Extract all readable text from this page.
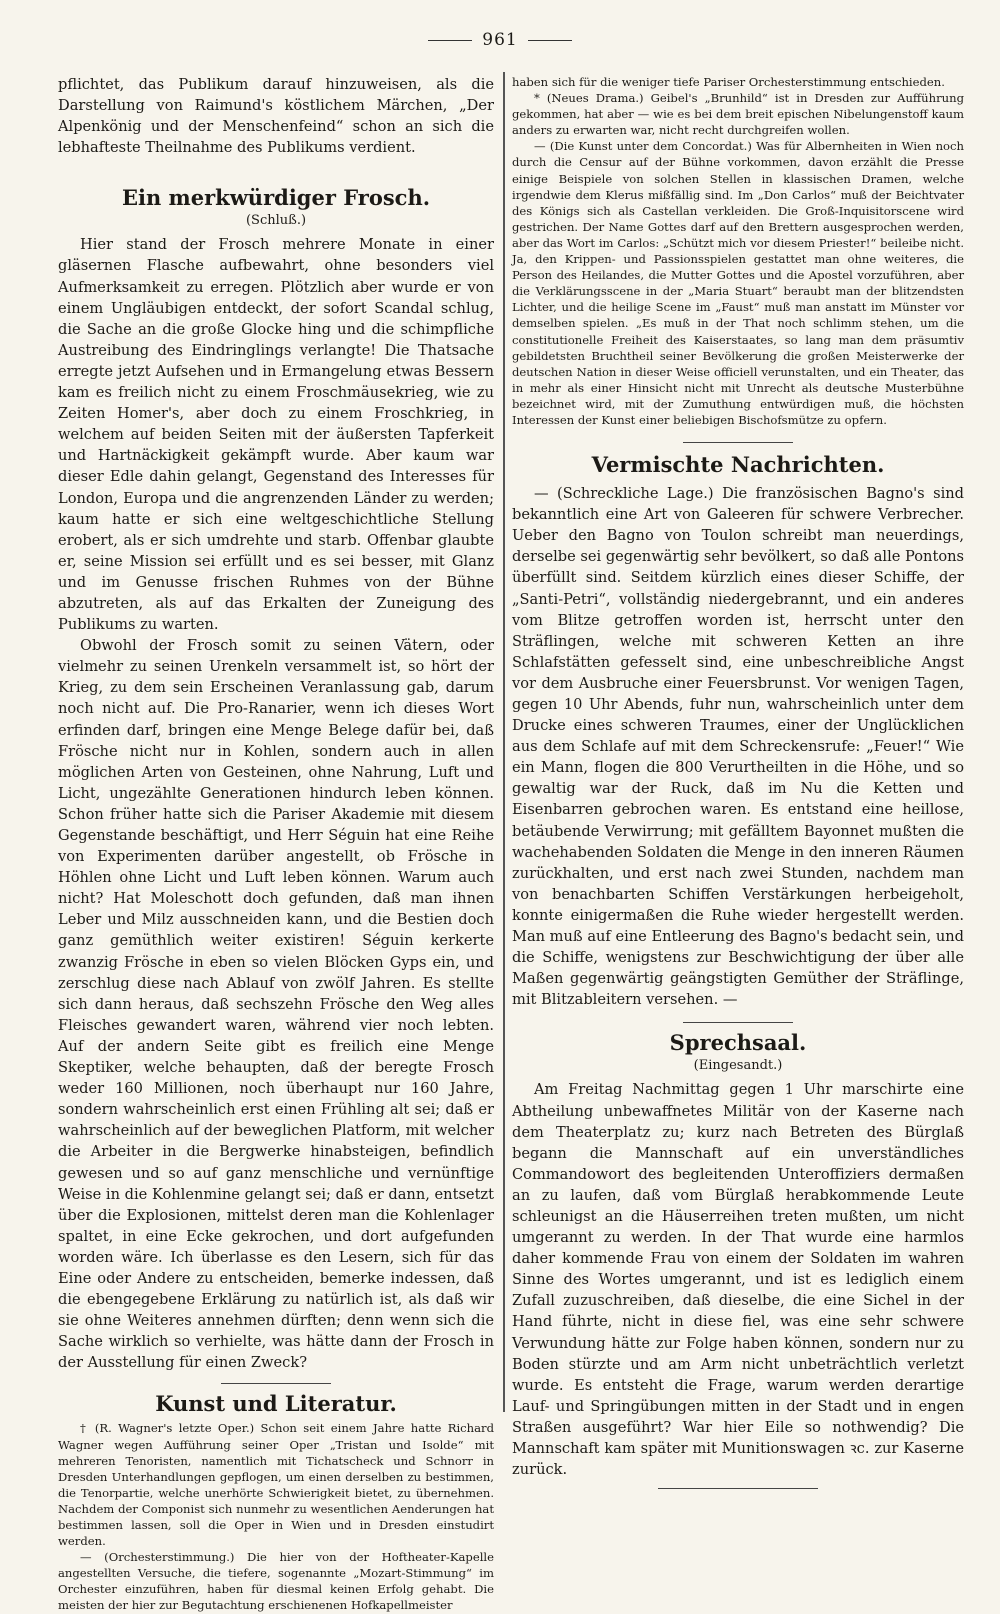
961

pflichtet, das Publikum darauf hinzuweisen, als die Darstellung von Raimund's köstlichem Märchen, „Der Alpenkönig und der Menschenfeind“ schon an sich die lebhafteste Theilnahme des Publikums verdient.

Ein merkwürdiger Frosch.

(Schluß.)

Hier stand der Frosch mehrere Monate in einer gläsernen Flasche aufbewahrt, ohne besonders viel Aufmerksamkeit zu erregen. Plötzlich aber wurde er von einem Ungläubigen entdeckt, der sofort Scandal schlug, die Sache an die große Glocke hing und die schimpfliche Austreibung des Eindringlings verlangte! Die Thatsache erregte jetzt Aufsehen und in Ermangelung etwas Bessern kam es freilich nicht zu einem Froschmäusekrieg, wie zu Zeiten Homer's, aber doch zu einem Froschkrieg, in welchem auf beiden Seiten mit der äußersten Tapferkeit und Hartnäckigkeit gekämpft wurde. Aber kaum war dieser Edle dahin gelangt, Gegenstand des Interesses für London, Europa und die angrenzenden Länder zu werden; kaum hatte er sich eine weltgeschichtliche Stellung erobert, als er sich umdrehte und starb. Offenbar glaubte er, seine Mission sei erfüllt und es sei besser, mit Glanz und im Genusse frischen Ruhmes von der Bühne abzutreten, als auf das Erkalten der Zuneigung des Publikums zu warten.

Obwohl der Frosch somit zu seinen Vätern, oder vielmehr zu seinen Urenkeln versammelt ist, so hört der Krieg, zu dem sein Erscheinen Veranlassung gab, darum noch nicht auf. Die Pro-Ranarier, wenn ich dieses Wort erfinden darf, bringen eine Menge Belege dafür bei, daß Frösche nicht nur in Kohlen, sondern auch in allen möglichen Arten von Gesteinen, ohne Nahrung, Luft und Licht, ungezählte Generationen hindurch leben können. Schon früher hatte sich die Pariser Akademie mit diesem Gegenstande beschäftigt, und Herr Séguin hat eine Reihe von Experimenten darüber angestellt, ob Frösche in Höhlen ohne Licht und Luft leben können. Warum auch nicht? Hat Moleschott doch gefunden, daß man ihnen Leber und Milz ausschneiden kann, und die Bestien doch ganz gemüthlich weiter existiren! Séguin kerkerte zwanzig Frösche in eben so vielen Blöcken Gyps ein, und zerschlug diese nach Ablauf von zwölf Jahren. Es stellte sich dann heraus, daß sechszehn Frösche den Weg alles Fleisches gewandert waren, während vier noch lebten. Auf der andern Seite gibt es freilich eine Menge Skeptiker, welche behaupten, daß der beregte Frosch weder 160 Millionen, noch überhaupt nur 160 Jahre, sondern wahrscheinlich erst einen Frühling alt sei; daß er wahrscheinlich auf der beweglichen Platform, mit welcher die Arbeiter in die Bergwerke hinabsteigen, befindlich gewesen und so auf ganz menschliche und vernünftige Weise in die Kohlenmine gelangt sei; daß er dann, entsetzt über die Explosionen, mittelst deren man die Kohlenlager spaltet, in eine Ecke gekrochen, und dort aufgefunden worden wäre. Ich überlasse es den Lesern, sich für das Eine oder Andere zu entscheiden, bemerke indessen, daß die ebengegebene Erklärung zu natürlich ist, als daß wir sie ohne Weiteres annehmen dürften; denn wenn sich die Sache wirklich so verhielte, was hätte dann der Frosch in der Ausstellung für einen Zweck?

Kunst und Literatur.

† (R. Wagner's letzte Oper.) Schon seit einem Jahre hatte Richard Wagner wegen Aufführung seiner Oper „Tristan und Isolde“ mit mehreren Tenoristen, namentlich mit Tichatscheck und Schnorr in Dresden Unterhandlungen gepflogen, um einen derselben zu bestimmen, die Tenorpartie, welche unerhörte Schwierigkeit bietet, zu übernehmen. Nachdem der Componist sich nunmehr zu wesentlichen Aenderungen hat bestimmen lassen, soll die Oper in Wien und in Dresden einstudirt werden.

— (Orchesterstimmung.) Die hier von der Hoftheater-Kapelle angestellten Versuche, die tiefere, sogenannte „Mozart-Stimmung“ im Orchester einzuführen, haben für diesmal keinen Erfolg gehabt. Die meisten der hier zur Begutachtung erschienenen Hofkapellmeister

haben sich für die weniger tiefe Pariser Orchesterstimmung entschieden.

* (Neues Drama.) Geibel's „Brunhild“ ist in Dresden zur Aufführung gekommen, hat aber — wie es bei dem breit epischen Nibelungenstoff kaum anders zu erwarten war, nicht recht durchgreifen wollen.

— (Die Kunst unter dem Concordat.) Was für Albernheiten in Wien noch durch die Censur auf der Bühne vorkommen, davon erzählt die Presse einige Beispiele von solchen Stellen in klassischen Dramen, welche irgendwie dem Klerus mißfällig sind. Im „Don Carlos“ muß der Beichtvater des Königs sich als Castellan verkleiden. Die Groß-Inquisitorscene wird gestrichen. Der Name Gottes darf auf den Brettern ausgesprochen werden, aber das Wort im Carlos: „Schützt mich vor diesem Priester!“ beileibe nicht. Ja, den Krippen- und Passionsspielen gestattet man ohne weiteres, die Person des Heilandes, die Mutter Gottes und die Apostel vorzuführen, aber die Verklärungsscene in der „Maria Stuart“ beraubt man der blitzendsten Lichter, und die heilige Scene im „Faust“ muß man anstatt im Münster vor demselben spielen. „Es muß in der That noch schlimm stehen, um die constitutionelle Freiheit des Kaiserstaates, so lang man dem präsumtiv gebildetsten Bruchtheil seiner Bevölkerung die großen Meisterwerke der deutschen Nation in dieser Weise officiell verunstalten, und ein Theater, das in mehr als einer Hinsicht nicht mit Unrecht als deutsche Musterbühne bezeichnet wird, mit der Zumuthung entwürdigen muß, die höchsten Interessen der Kunst einer beliebigen Bischofsmütze zu opfern.

Vermischte Nachrichten.

— (Schreckliche Lage.) Die französischen Bagno's sind bekanntlich eine Art von Galeeren für schwere Verbrecher. Ueber den Bagno von Toulon schreibt man neuerdings, derselbe sei gegenwärtig sehr bevölkert, so daß alle Pontons überfüllt sind. Seitdem kürzlich eines dieser Schiffe, der „Santi-Petri“, vollständig niedergebrannt, und ein anderes vom Blitze getroffen worden ist, herrscht unter den Sträflingen, welche mit schweren Ketten an ihre Schlafstätten gefesselt sind, eine unbeschreibliche Angst vor dem Ausbruche einer Feuersbrunst. Vor wenigen Tagen, gegen 10 Uhr Abends, fuhr nun, wahrscheinlich unter dem Drucke eines schweren Traumes, einer der Unglücklichen aus dem Schlafe auf mit dem Schreckensrufe: „Feuer!“ Wie ein Mann, flogen die 800 Verurtheilten in die Höhe, und so gewaltig war der Ruck, daß im Nu die Ketten und Eisenbarren gebrochen waren. Es entstand eine heillose, betäubende Verwirrung; mit gefälltem Bayonnet mußten die wachehabenden Soldaten die Menge in den inneren Räumen zurückhalten, und erst nach zwei Stunden, nachdem man von benachbarten Schiffen Verstärkungen herbeigeholt, konnte einigermaßen die Ruhe wieder hergestellt werden. Man muß auf eine Entleerung des Bagno's bedacht sein, und die Schiffe, wenigstens zur Beschwichtigung der über alle Maßen gegenwärtig geängstigten Gemüther der Sträflinge, mit Blitzableitern versehen. —

Sprechsaal.

(Eingesandt.)

Am Freitag Nachmittag gegen 1 Uhr marschirte eine Abtheilung unbewaffnetes Militär von der Kaserne nach dem Theaterplatz zu; kurz nach Betreten des Bürglaß begann die Mannschaft auf ein unverständliches Commandowort des begleitenden Unteroffiziers dermaßen an zu laufen, daß vom Bürglaß herabkommende Leute schleunigst an die Häuserreihen treten mußten, um nicht umgerannt zu werden. In der That wurde eine harmlos daher kommende Frau von einem der Soldaten im wahren Sinne des Wortes umgerannt, und ist es lediglich einem Zufall zuzuschreiben, daß dieselbe, die eine Sichel in der Hand führte, nicht in diese fiel, was eine sehr schwere Verwundung hätte zur Folge haben können, sondern nur zu Boden stürzte und am Arm nicht unbeträchtlich verletzt wurde. Es entsteht die Frage, warum werden derartige Lauf- und Springübungen mitten in der Stadt und in engen Straßen ausgeführt? War hier Eile so nothwendig? Die Mannschaft kam später mit Munitionswagen ꝛc. zur Kaserne zurück.
